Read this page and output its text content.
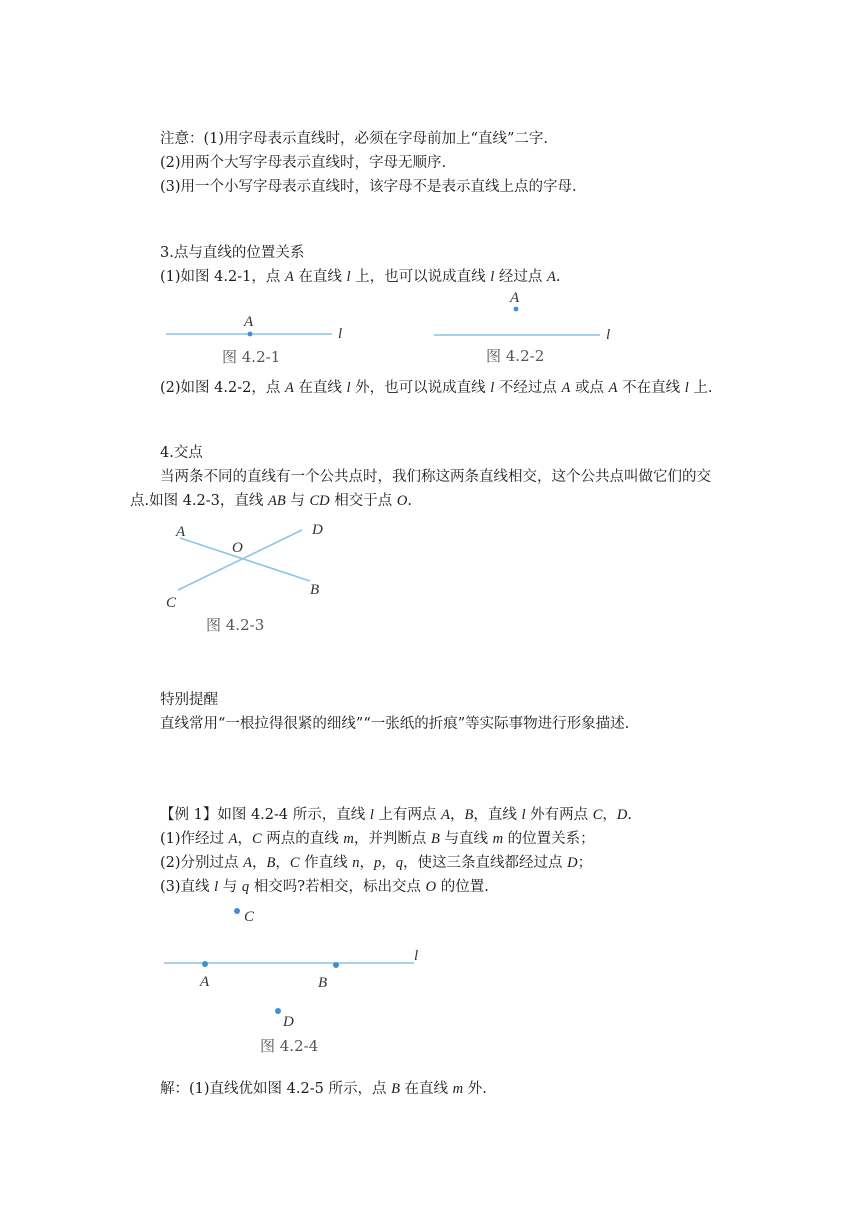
注意：(1)用字母表示直线时，必须在字母前加上“直线”二字.
(2)用两个大写字母表示直线时，字母无顺序.
(3)用一个小写字母表示直线时，该字母不是表示直线上点的字母.
3.点与直线的位置关系
(1)如图 4.2-1，点 A 在直线 l 上，也可以说成直线 l 经过点 A.
A
l
图 4.2-1
A
l
图 4.2-2
(2)如图 4.2-2，点 A 在直线 l 外，也可以说成直线 l 不经过点 A 或点 A 不在直线 l 上.
4.交点
当两条不同的直线有一个公共点时，我们称这两条直线相交，这个公共点叫做它们的交
点.如图 4.2-3，直线 AB 与 CD 相交于点 O.
A	D
O
B
C
图 4.2-3
特别提醒
直线常用“一根拉得很紧的细线”“一张纸的折痕”等实际事物进行形象描述.
【例 1】如图 4.2-4 所示，直线 l 上有两点 A，B，直线 l 外有两点 C，D.
(1)作经过 A，C 两点的直线 m，并判断点 B 与直线 m 的位置关系；
(2)分别过点 A，B，C 作直线 n，p，q，使这三条直线都经过点 D；
(3)直线 l 与 q 相交吗?若相交，标出交点 O 的位置.
C
l
A	B
D
图 4.2-4
解：(1)直线优如图 4.2-5 所示，点 B 在直线 m 外.
